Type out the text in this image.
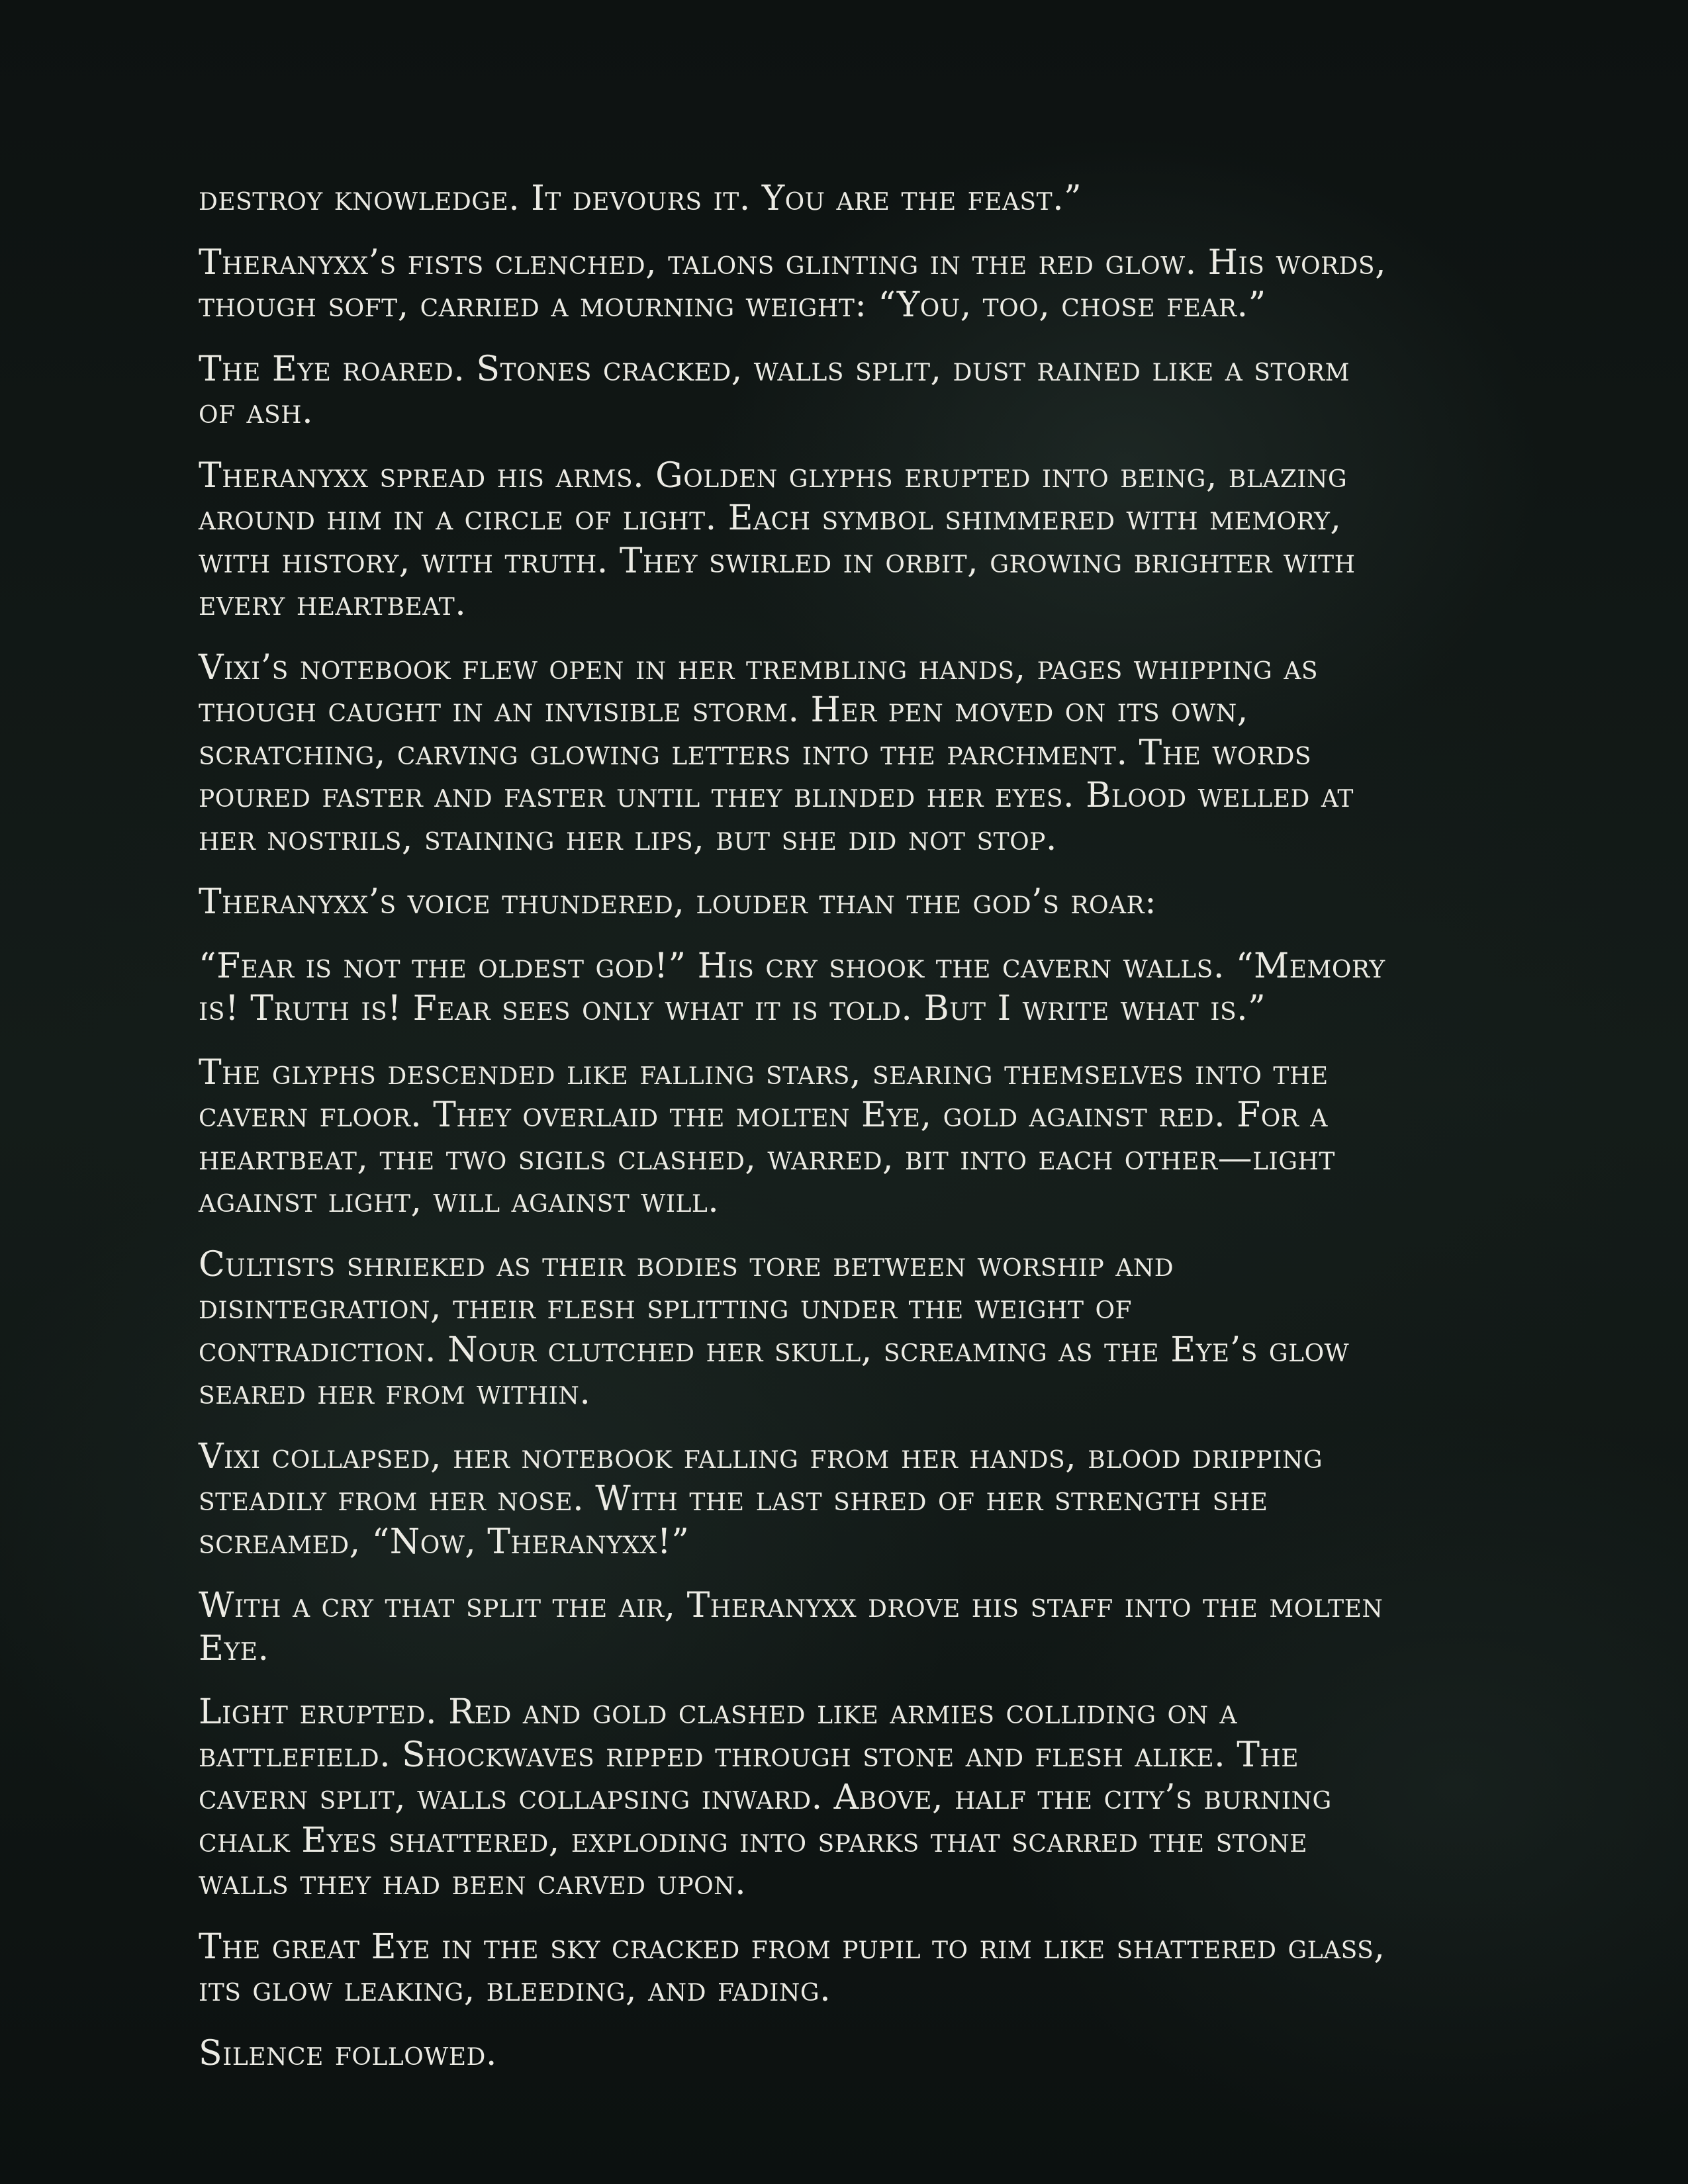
destroy knowledge. It devours it. You are the feast.”

Theranyxx’s fists clenched, talons glinting in the red glow. His words,
though soft, carried a mourning weight: “You, too, chose fear.”

The Eye roared. Stones cracked, walls split, dust rained like a storm
of ash.

Theranyxx spread his arms. Golden glyphs erupted into being, blazing
around him in a circle of light. Each symbol shimmered with memory,
with history, with truth. They swirled in orbit, growing brighter with
every heartbeat.

Vixi’s notebook flew open in her trembling hands, pages whipping as
though caught in an invisible storm. Her pen moved on its own,
scratching, carving glowing letters into the parchment. The words
poured faster and faster until they blinded her eyes. Blood welled at
her nostrils, staining her lips, but she did not stop.

Theranyxx’s voice thundered, louder than the god’s roar:

“Fear is not the oldest god!” His cry shook the cavern walls. “Memory
is! Truth is! Fear sees only what it is told. But I write what is.”

The glyphs descended like falling stars, searing themselves into the
cavern floor. They overlaid the molten Eye, gold against red. For a
heartbeat, the two sigils clashed, warred, bit into each other—light
against light, will against will.

Cultists shrieked as their bodies tore between worship and
disintegration, their flesh splitting under the weight of
contradiction. Nour clutched her skull, screaming as the Eye’s glow
seared her from within.

Vixi collapsed, her notebook falling from her hands, blood dripping
steadily from her nose. With the last shred of her strength she
screamed, “Now, Theranyxx!”

With a cry that split the air, Theranyxx drove his staff into the molten
Eye.

Light erupted. Red and gold clashed like armies colliding on a
battlefield. Shockwaves ripped through stone and flesh alike. The
cavern split, walls collapsing inward. Above, half the city’s burning
chalk Eyes shattered, exploding into sparks that scarred the stone
walls they had been carved upon.

The great Eye in the sky cracked from pupil to rim like shattered glass,
its glow leaking, bleeding, and fading.

Silence followed.
